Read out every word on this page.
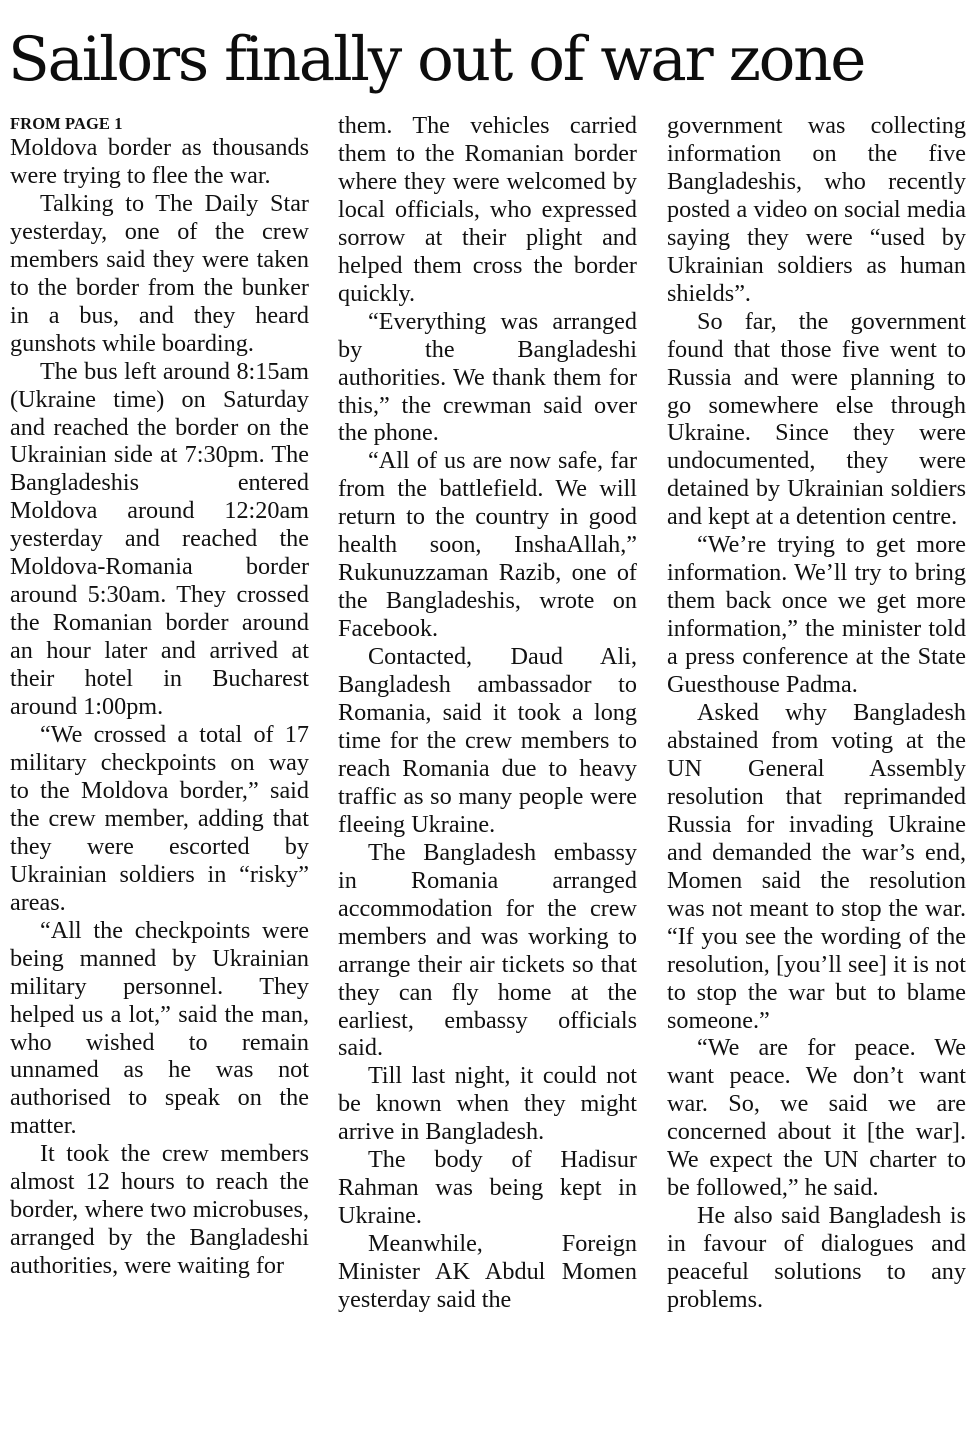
Sailors finally out of war zone
FROM PAGE 1

Moldova border as thousands were trying to flee the war.

Talking to The Daily Star yesterday, one of the crew members said they were taken to the border from the bunker in a bus, and they heard gunshots while boarding.

The bus left around 8:15am (Ukraine time) on Saturday and reached the border on the Ukrainian side at 7:30pm. The Bangladeshis entered Moldova around 12:20am yesterday and reached the Moldova-Romania border around 5:30am. They crossed the Romanian border around an hour later and arrived at their hotel in Bucharest around 1:00pm.

“We crossed a total of 17 military checkpoints on way to the Moldova border,” said the crew member, adding that they were escorted by Ukrainian soldiers in “risky” areas.

“All the checkpoints were being manned by Ukrainian military personnel. They helped us a lot,” said the man, who wished to remain unnamed as he was not authorised to speak on the matter.

It took the crew members almost 12 hours to reach the border, where two microbuses, arranged by the Bangladeshi authorities, were waiting for

them. The vehicles carried them to the Romanian border where they were welcomed by local officials, who expressed sorrow at their plight and helped them cross the border quickly.

“Everything was arranged by the Bangladeshi authorities. We thank them for this,” the crewman said over the phone.

“All of us are now safe, far from the battlefield. We will return to the country in good health soon, InshaAllah,” Rukunuzzaman Razib, one of the Bangladeshis, wrote on Facebook.

Contacted, Daud Ali, Bangladesh ambassador to Romania, said it took a long time for the crew members to reach Romania due to heavy traffic as so many people were fleeing Ukraine.

The Bangladesh embassy in Romania arranged accommodation for the crew members and was working to arrange their air tickets so that they can fly home at the earliest, embassy officials said.

Till last night, it could not be known when they might arrive in Bangladesh.

The body of Hadisur Rahman was being kept in Ukraine.

Meanwhile, Foreign Minister AK Abdul Momen yesterday said the

government was collecting information on the five Bangladeshis, who recently posted a video on social media saying they were “used by Ukrainian soldiers as human shields”.

So far, the government found that those five went to Russia and were planning to go somewhere else through Ukraine. Since they were undocumented, they were detained by Ukrainian soldiers and kept at a detention centre.

“We’re trying to get more information. We’ll try to bring them back once we get more information,” the minister told a press conference at the State Guesthouse Padma.

Asked why Bangladesh abstained from voting at the UN General Assembly resolution that reprimanded Russia for invading Ukraine and demanded the war’s end, Momen said the resolution was not meant to stop the war. “If you see the wording of the resolution, [you’ll see] it is not to stop the war but to blame someone.”

“We are for peace. We want peace. We don’t want war. So, we said we are concerned about it [the war]. We expect the UN charter to be followed,” he said.

He also said Bangladesh is in favour of dialogues and peaceful solutions to any problems.
